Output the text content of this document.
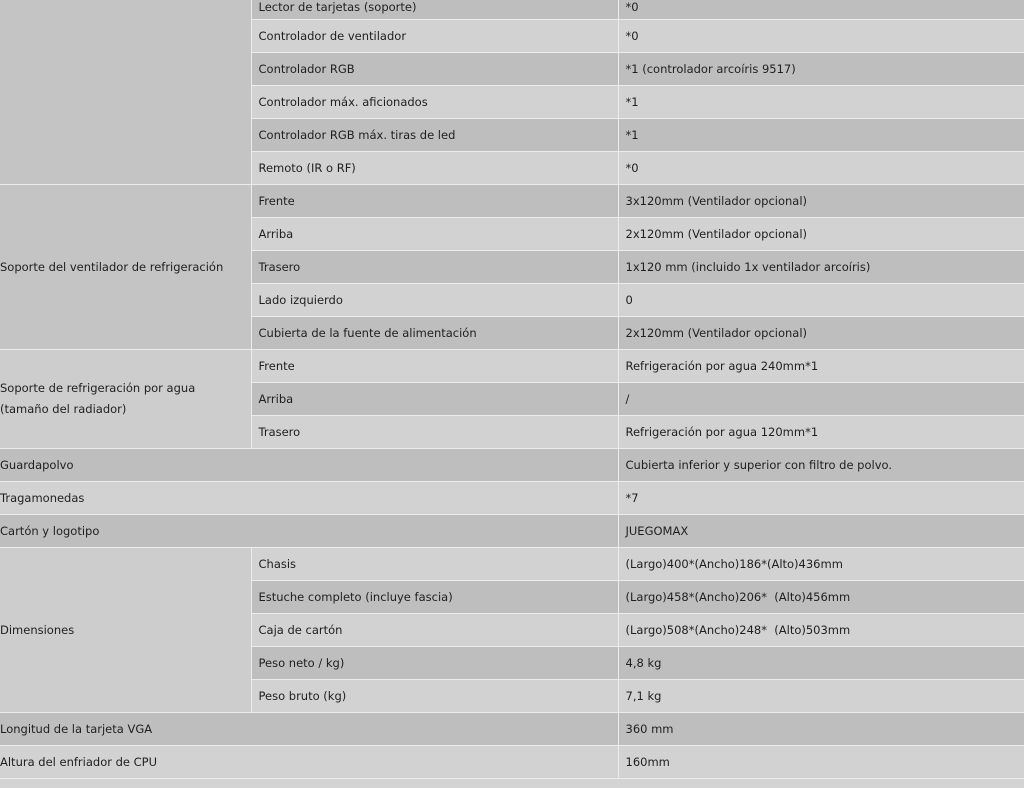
	Lector de tarjetas (soporte)	*0
	Controlador de ventilador	*0
	Controlador RGB	*1 (controlador arcoíris 9517)
	Controlador máx. aficionados	*1
	Controlador RGB máx. tiras de led	*1
	Remoto (IR o RF)	*0
Soporte del ventilador de refrigeración	Frente	3x120mm (Ventilador opcional)
	Arriba	2x120mm (Ventilador opcional)
	Trasero	1x120 mm (incluido 1x ventilador arcoíris)
	Lado izquierdo	0
	Cubierta de la fuente de alimentación	2x120mm (Ventilador opcional)

Soporte de refrigeración por agua
(tamaño del radiador)	Frente	Refrigeración por agua 240mm*1
	Arriba	/
	Trasero	Refrigeración por agua 120mm*1
Guardapolvo		Cubierta inferior y superior con filtro de polvo.
Tragamonedas		*7
Cartón y logotipo		JUEGOMAX
Dimensiones	Chasis	(Largo)400*(Ancho)186*(Alto)436mm
	Estuche completo (incluye fascia)	(Largo)458*(Ancho)206*  (Alto)456mm
	Caja de cartón	(Largo)508*(Ancho)248*  (Alto)503mm
	Peso neto / kg)	4,8 kg
	Peso bruto (kg)	7,1 kg
Longitud de la tarjeta VGA		360 mm
Altura del enfriador de CPU		160mm
